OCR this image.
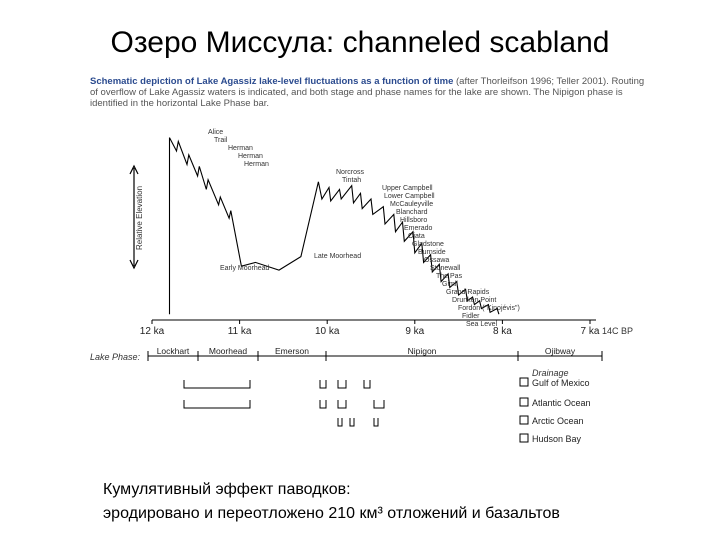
Озеро Миссула: channeled scabland
Schematic depiction of Lake Agassiz lake-level fluctuations as a function of time (after Thorleifson 1996; Teller 2001). Routing of overflow of Lake Agassiz waters is indicated, and both stage and phase names for the lake are shown. The Nipigon phase is identified in the horizontal Lake Phase bar.
Relative Elevation
12 ka	11 ka	10 ka	9 ka	8 ka	7 ka 14C BP
Alice
Trail
Herman
Herman
Herman
Early Moorhead
Norcross
Tintah
Late Moorhead
Upper Campbell
Lower Campbell
McCauleyville
Blanchard
Hillsboro
Emerado
Ojata
Gladstone
Burnside
Ossawa
Stonewall
The Pas
Gimli
Grand Rapids
Drunken Point
Fordon ("Kinojévis")
Fidler
Sea Level
Lake Phase:
Lockhart Moorhead	Emerson	Nipigon	Ojibway
Drainage
Gulf of Mexico
Atlantic Ocean
Arctic Ocean
Hudson Bay
Кумулятивный эффект паводков:
эродировано и переотложено 210 км³ отложений и базальтов
